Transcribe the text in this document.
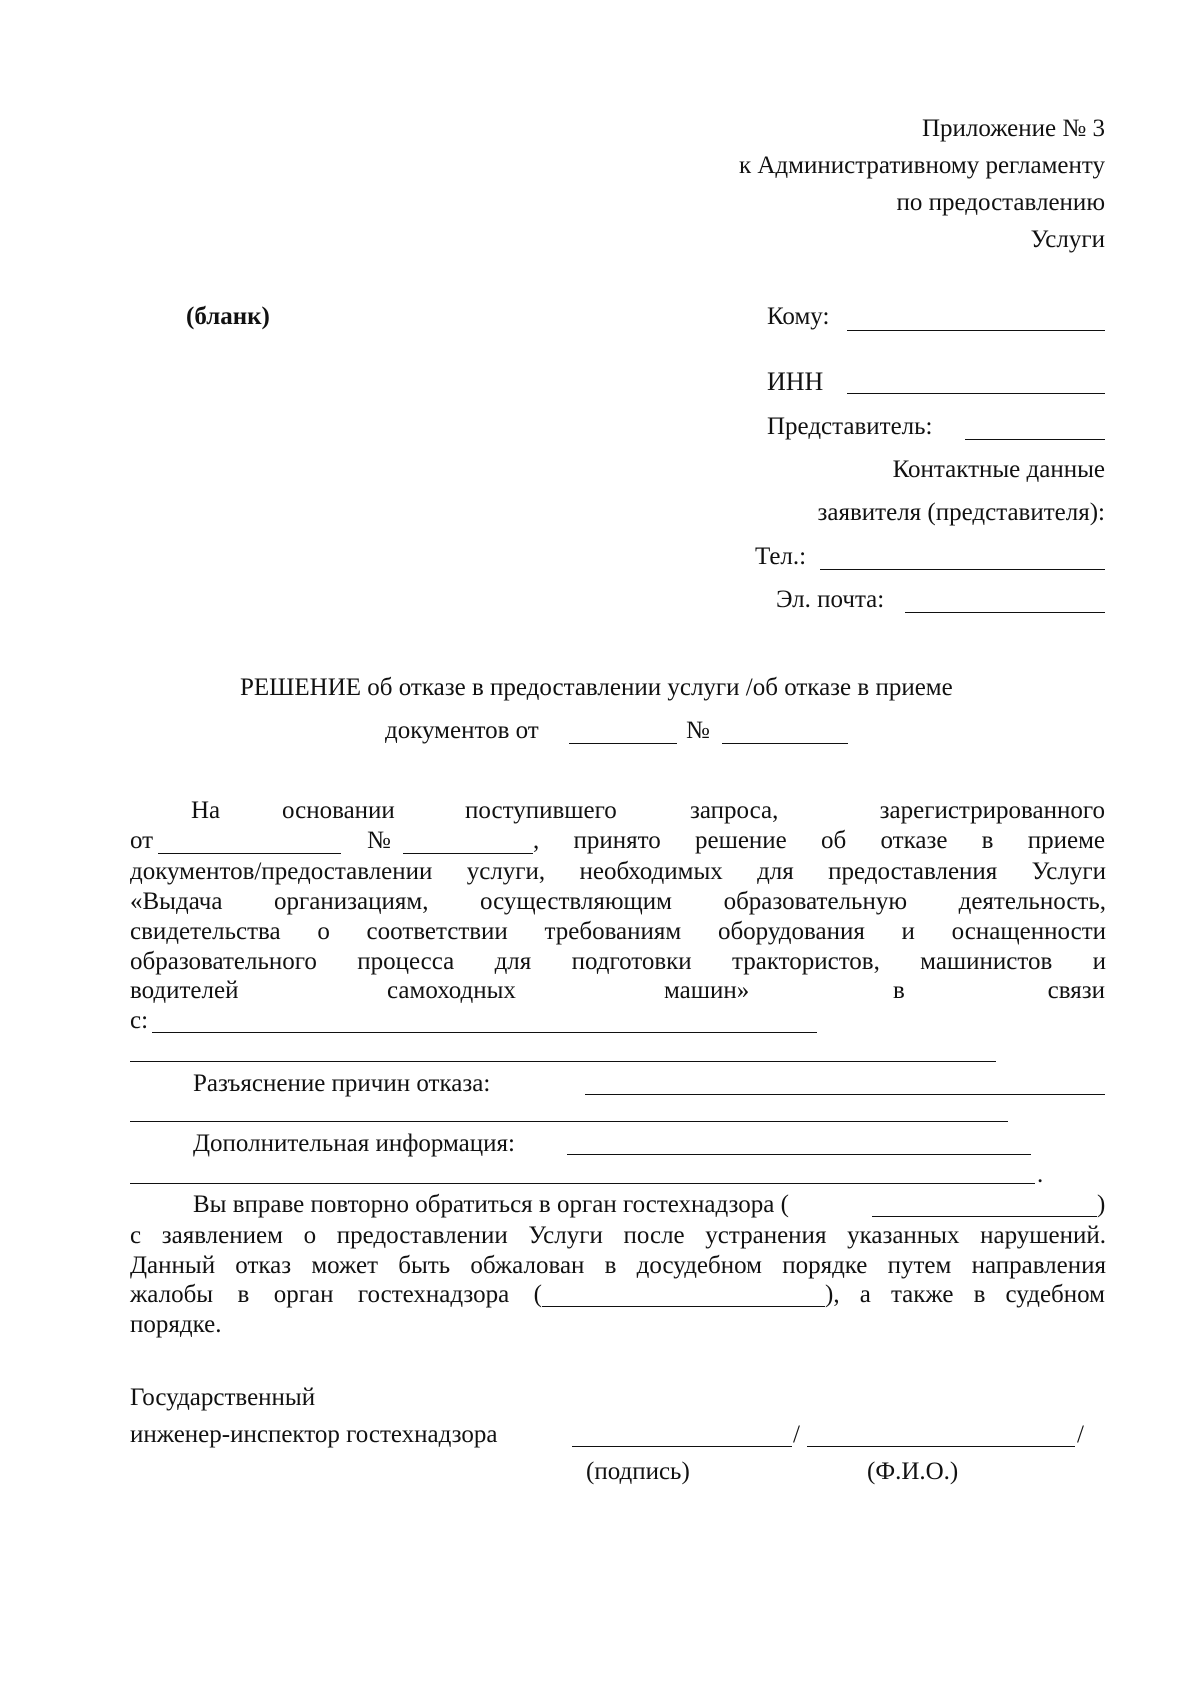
Приложение № 3
к Административному регламенту
по предоставлению
Услуги
(бланк)	Кому:
ИНН
Представитель:
Контактные данные
заявителя (представителя):
Тел.:
Эл. почта:
РЕШЕНИЕ об отказе в предоставлении услуги /об отказе в приеме
документов от	№
На основании	поступившего	запроса,	зарегистрированного
от	№	, принято решение об отказе в приеме
документов/предоставлении услуги, необходимых для предоставления Услуги
«Выдача организациям, осуществляющим образовательную деятельность,
свидетельства о соответствии требованиям оборудования и оснащенности
образовательного процесса для подготовки трактористов, машинистов и
водителей	самоходных	машин»	в	связи
с:
Разъяснение причин отказа:
Дополнительная информация:
.
Вы вправе повторно обратиться в орган гостехнадзора (	)
с заявлением о предоставлении Услуги после устранения указанных нарушений.
Данный отказ может быть обжалован в досудебном порядке путем направления
жалобы в орган гостехнадзора (	), а также в судебном
порядке.
Государственный
инженер-инспектор гостехнадзора	/	/
(подпись)	(Ф.И.О.)
